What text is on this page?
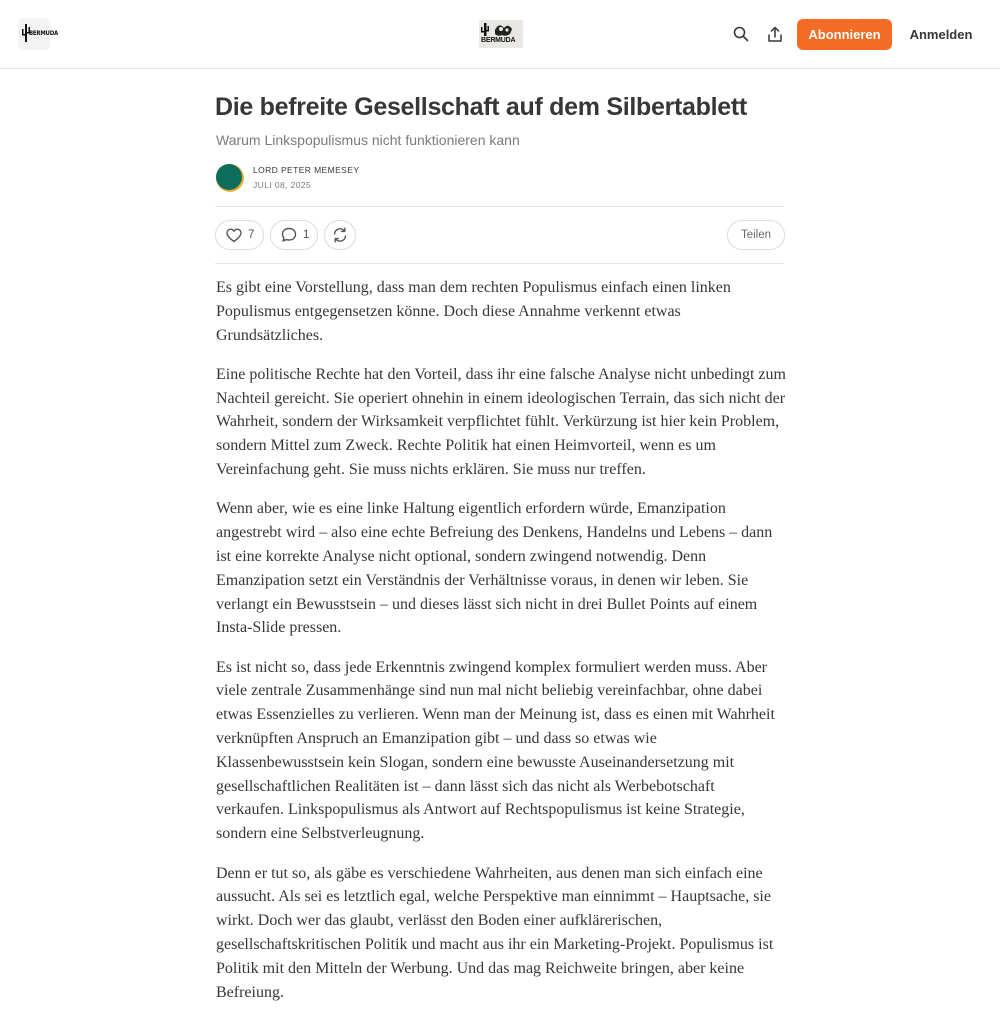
BERMUDA
BERMUDA	Abonnieren	Anmelden
Die befreite Gesellschaft auf dem Silbertablett

Warum Linkspopulismus nicht funktionieren kann

LORD PETER MEMESEY

JULI 08, 2025

7	1	Teilen

Es gibt eine Vorstellung, dass man dem rechten Populismus einfach einen linken Populismus entgegensetzen könne. Doch diese Annahme verkennt etwas Grundsätzliches.

Eine politische Rechte hat den Vorteil, dass ihr eine falsche Analyse nicht unbedingt zum Nachteil gereicht. Sie operiert ohnehin in einem ideologischen Terrain, das sich nicht der Wahrheit, sondern der Wirksamkeit verpflichtet fühlt. Verkürzung ist hier kein Problem, sondern Mittel zum Zweck. Rechte Politik hat einen Heimvorteil, wenn es um Vereinfachung geht. Sie muss nichts erklären. Sie muss nur treffen.

Wenn aber, wie es eine linke Haltung eigentlich erfordern würde, Emanzipation angestrebt wird – also eine echte Befreiung des Denkens, Handelns und Lebens – dann ist eine korrekte Analyse nicht optional, sondern zwingend notwendig. Denn Emanzipation setzt ein Verständnis der Verhältnisse voraus, in denen wir leben. Sie verlangt ein Bewusstsein – und dieses lässt sich nicht in drei Bullet Points auf einem Insta-Slide pressen.

Es ist nicht so, dass jede Erkenntnis zwingend komplex formuliert werden muss. Aber viele zentrale Zusammenhänge sind nun mal nicht beliebig vereinfachbar, ohne dabei etwas Essenzielles zu verlieren. Wenn man der Meinung ist, dass es einen mit Wahrheit verknüpften Anspruch an Emanzipation gibt – und dass so etwas wie Klassenbewusstsein kein Slogan, sondern eine bewusste Auseinandersetzung mit gesellschaftlichen Realitäten ist – dann lässt sich das nicht als Werbebotschaft verkaufen. Linkspopulismus als Antwort auf Rechtspopulismus ist keine Strategie, sondern eine Selbstverleugnung.

Denn er tut so, als gäbe es verschiedene Wahrheiten, aus denen man sich einfach eine aussucht. Als sei es letztlich egal, welche Perspektive man einnimmt – Hauptsache, sie wirkt. Doch wer das glaubt, verlässt den Boden einer aufklärerischen, gesellschaftskritischen Politik und macht aus ihr ein Marketing-Projekt. Populismus ist Politik mit den Mitteln der Werbung. Und das mag Reichweite bringen, aber keine Befreiung.
